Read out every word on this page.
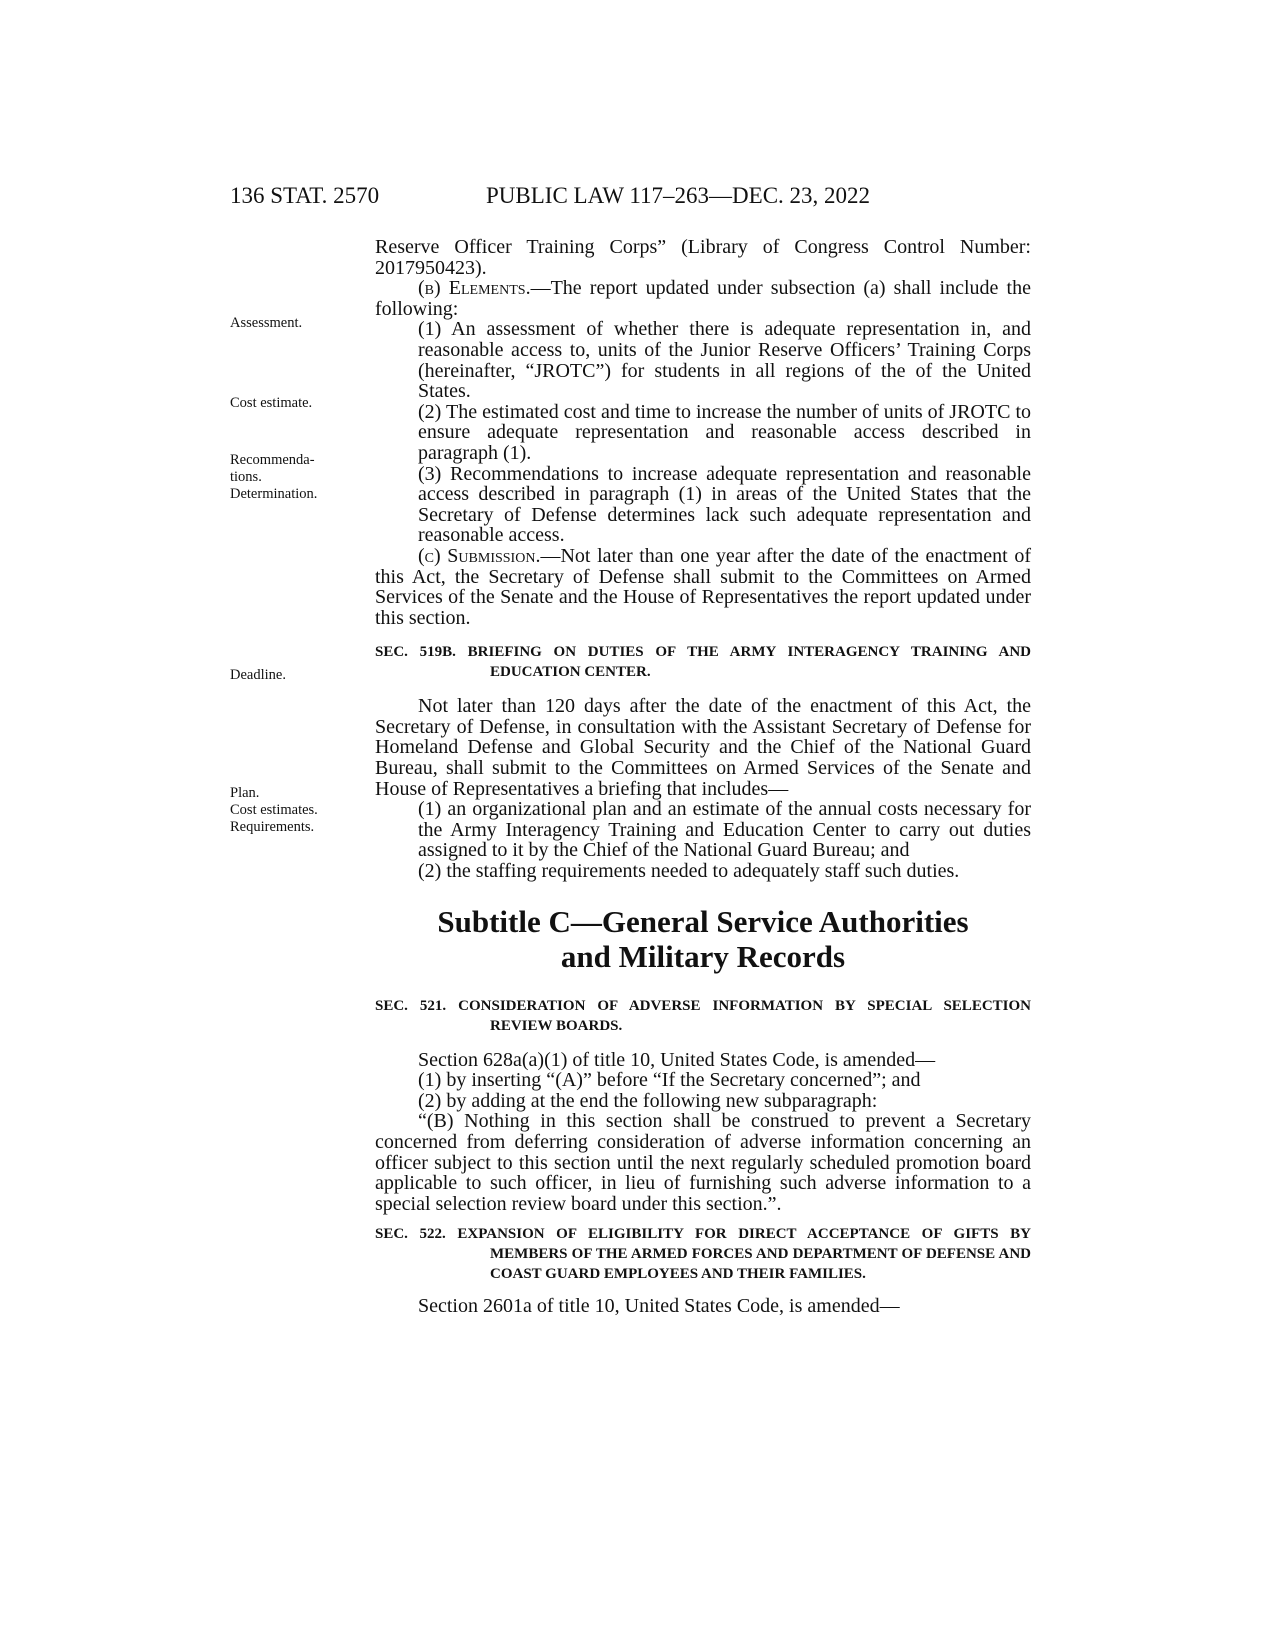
136 STAT. 2570	PUBLIC LAW 117–263—DEC. 23, 2022
Assessment.
Cost estimate.
Recommenda-
tions.
Determination.
Deadline.
Plan.
Cost estimates.
Requirements.

Reserve Officer Training Corps” (Library of Congress Control Number: 2017950423).

(b) Elements.—The report updated under subsection (a) shall include the following:

(1) An assessment of whether there is adequate representation in, and reasonable access to, units of the Junior Reserve Officers’ Training Corps (hereinafter, “JROTC”) for students in all regions of the of the United States.

(2) The estimated cost and time to increase the number of units of JROTC to ensure adequate representation and reasonable access described in paragraph (1).

(3) Recommendations to increase adequate representation and reasonable access described in paragraph (1) in areas of the United States that the Secretary of Defense determines lack such adequate representation and reasonable access.

(c) Submission.—Not later than one year after the date of the enactment of this Act, the Secretary of Defense shall submit to the Committees on Armed Services of the Senate and the House of Representatives the report updated under this section.

SEC. 519B. BRIEFING ON DUTIES OF THE ARMY INTERAGENCY TRAINING AND EDUCATION CENTER.

Not later than 120 days after the date of the enactment of this Act, the Secretary of Defense, in consultation with the Assistant Secretary of Defense for Homeland Defense and Global Security and the Chief of the National Guard Bureau, shall submit to the Committees on Armed Services of the Senate and House of Representatives a briefing that includes—

(1) an organizational plan and an estimate of the annual costs necessary for the Army Interagency Training and Education Center to carry out duties assigned to it by the Chief of the National Guard Bureau; and

(2) the staffing requirements needed to adequately staff such duties.

Subtitle C—General Service Authorities

and Military Records

SEC. 521. CONSIDERATION OF ADVERSE INFORMATION BY SPECIAL SELECTION REVIEW BOARDS.

Section 628a(a)(1) of title 10, United States Code, is amended—

(1) by inserting “(A)” before “If the Secretary concerned”; and

(2) by adding at the end the following new subparagraph:

“(B) Nothing in this section shall be construed to prevent a Secretary concerned from deferring consideration of adverse information concerning an officer subject to this section until the next regularly scheduled promotion board applicable to such officer, in lieu of furnishing such adverse information to a special selection review board under this section.”.

SEC. 522. EXPANSION OF ELIGIBILITY FOR DIRECT ACCEPTANCE OF GIFTS BY MEMBERS OF THE ARMED FORCES AND DEPARTMENT OF DEFENSE AND COAST GUARD EMPLOYEES AND THEIR FAMILIES.

Section 2601a of title 10, United States Code, is amended—
